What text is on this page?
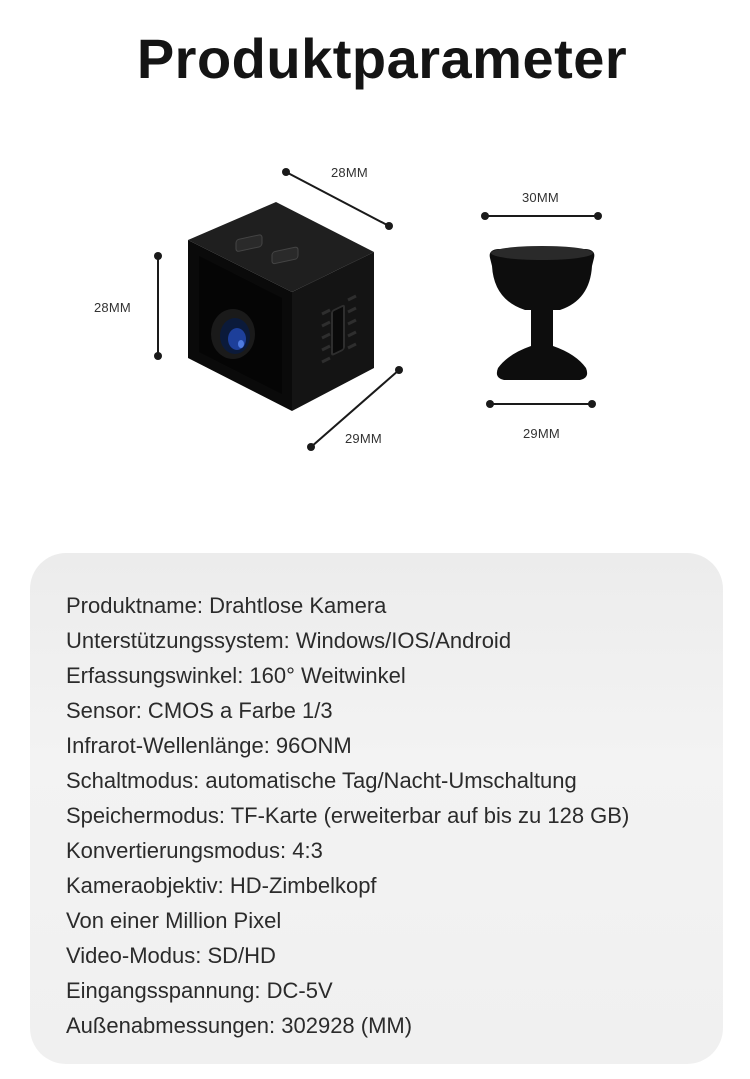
Produktparameter
28MM
28MM
29MM
30MM
29MM
Produktname: Drahtlose Kamera
Unterstützungssystem: Windows/IOS/Android
Erfassungswinkel: 160° Weitwinkel
Sensor: CMOS a Farbe 1/3
Infrarot-Wellenlänge: 96ONM
Schaltmodus: automatische Tag/Nacht-Umschaltung
Speichermodus: TF-Karte (erweiterbar auf bis zu 128 GB)
Konvertierungsmodus: 4:3
Kameraobjektiv: HD-Zimbelkopf
Von einer Million Pixel
Video-Modus: SD/HD
Eingangsspannung: DC-5V
Außenabmessungen: 302928 (MM)
